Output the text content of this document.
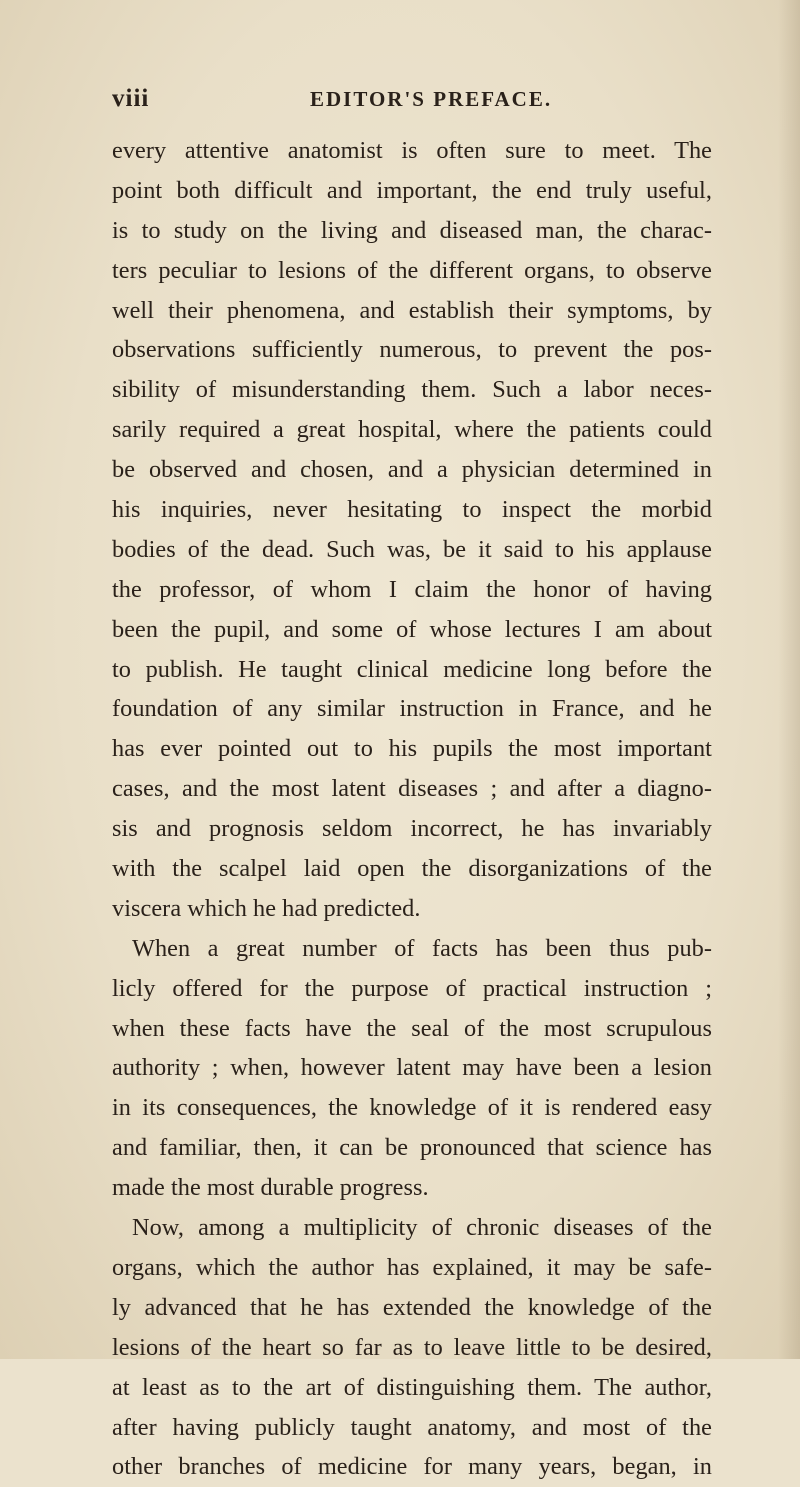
viii	EDITOR'S PREFACE.
every attentive anatomist is often sure to meet. The
point both difficult and important, the end truly useful,
is to study on the living and diseased man, the charac-
ters peculiar to lesions of the different organs, to observe
well their phenomena, and establish their symptoms, by
observations sufficiently numerous, to prevent the pos-
sibility of misunderstanding them. Such a labor neces-
sarily required a great hospital, where the patients could
be observed and chosen, and a physician determined in
his inquiries, never hesitating to inspect the morbid
bodies of the dead. Such was, be it said to his applause
the professor, of whom I claim the honor of having
been the pupil, and some of whose lectures I am about
to publish. He taught clinical medicine long before the
foundation of any similar instruction in France, and he
has ever pointed out to his pupils the most important
cases, and the most latent diseases ; and after a diagno-
sis and prognosis seldom incorrect, he has invariably
with the scalpel laid open the disorganizations of the
viscera which he had predicted.
When a great number of facts has been thus pub-
licly offered for the purpose of practical instruction ;
when these facts have the seal of the most scrupulous
authority ; when, however latent may have been a lesion
in its consequences, the knowledge of it is rendered easy
and familiar, then, it can be pronounced that science has
made the most durable progress.
Now, among a multiplicity of chronic diseases of the
organs, which the author has explained, it may be safe-
ly advanced that he has extended the knowledge of the
lesions of the heart so far as to leave little to be desired,
at least as to the art of distinguishing them. The author,
after having publicly taught anatomy, and most of the
other branches of medicine for many years, began, in
